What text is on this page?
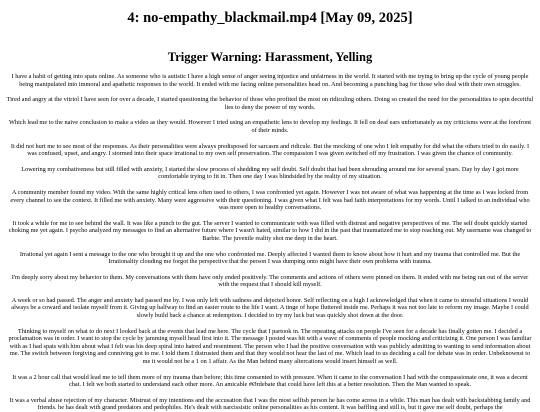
4: no-empathy_blackmail.mp4 [May 09, 2025]
Trigger Warning: Harassment, Yelling

I have a habit of getting into spats online. As someone who is autistic I have a high sense of anger seeing injustice and unfairness in the world. It started with me trying to bring up the cycle of young people being manipulated into immoral and apathetic responses to the world. It ended with me facing online personalities head on. And becoming a punching bag for those who deal with their own struggles.

Tired and angry at the vitriol I have seen for over a decade, I started questioning the behavior of those who profited the most on ridiculing others. Doing so created the need for the personalities to spin deceitful lies to deny the power of my words.

Which lead me to the naive conclusion to make a video as they would. However I tried using an empathetic lens to develop my feelings. It fell on deaf ears unfortunately as my criticisms were at the forefront of their minds.

It did not hurt me to see most of the responses. As their personalities were always predisposed for sarcasm and ridicule. But the mocking of one who I felt empathy for did what the others tried to do easily. I was confused, upset, and angry. I stormed into their space irrational to my own self preservation. The compassion I was given switched off my frustration. I was given the chance of community.

Lowering my combativeness but still filled with anxiety, I started the slow process of shedding my self doubt. Self doubt that had been shrouding around me for several years. Day by day I got more comfortable trying to fit in. Then one day I was blindsided by the reality of my situation.

A community member found my video. With the same highly critical lens often used to others, I was confronted yet again. However I was not aware of what was happening at the time as I was locked from every channel to see the context. It filled me with anxiety. Many were aggressive with their questioning. I was given what I felt was bad faith interpretations for my words. Until I talked to an individual who was more open to healthy conversations.

It took a while for me to see behind the wall. It was like a punch to the gut. The server I wanted to communicate with was filled with distrust and negative perspectives of me. The self doubt quickly started choking me yet again. I psycho analyzed my messages to find an alternative future where I wasn't hated, similar to how I did in the past that traumatized me to stop reaching out. My username was changed to Barbie. The juvenile reality shot me deep in the heart.

Irrational yet again I sent a message to the one who brought it up and the one who confronted me. Deeply affected I wanted them to know about how it hurt and my trauma that controlled me. But the Irrationality clouding me forgot the perspective that the person I was dumping onto might have their own problems with trauma.

I'm deeply sorry about my behavior to them. My conversations with them have only ended positively. The comments and actions of others were pinned on them. It ended with me being ran out of the server with the request that I should kill myself.

A week or so had passed. The anger and anxiety had passed me by. I was only left with sadness and dejected honor. Self reflecting on a high I acknowledged that when it came to stressful situations I would always be a coward and isolate myself from it. Giving up halfway to find an easier route to the life I want. A tinge of hope fluttered inside me. Perhaps it was not too late to reform my image. Maybe I could slowly build back a chance at redemption. I decided to try my luck but was quickly shot down at the door.

Thinking to myself on what to do next I looked back at the events that lead me here. The cycle that I partook in. The repeating attacks on people I've seen for a decade has finally gotten me. I decided a proclamation was in order. I want to stop the cycle by jamming myself head first into it. The message I posted was hit with a wave of comments of people mocking and criticizing it. One person I was familiar with as I had spats with him about what I felt was his deep spiral into hatred and resentment. The person who I had the positive conversation with was publicly admitting to wanting to send information about me. The switch between forgiving and conniving got to me. I told them I distrusted them and that they would not hear the last of me. Which lead to us deciding a call for debate was in order. Unbeknownst to me it would not be a 1 on 1 affair. As the Man behind many altercations would insert himself as well.

It was a 2 hour call that would lead me to tell them more of my trauma than before; this time consented to with pressure. When it came to the conversation I had with the compassionate one, it was a decent chat. I felt we both started to understand each other more. An amicable #Ørdebate that could have left this at a better resolution. Then the Man wanted to speak.

It was a verbal abuse rejection of my character. Mistrust of my intentions and the accusation that I was the most selfish person he has come across in a while. This man has dealt with backstabbing family and friends. he has dealt with grand predators and pedophiles. He's dealt with narcissistic online personalities as his content. It was baffling and still is, but it gave me self doubt, perhaps the
